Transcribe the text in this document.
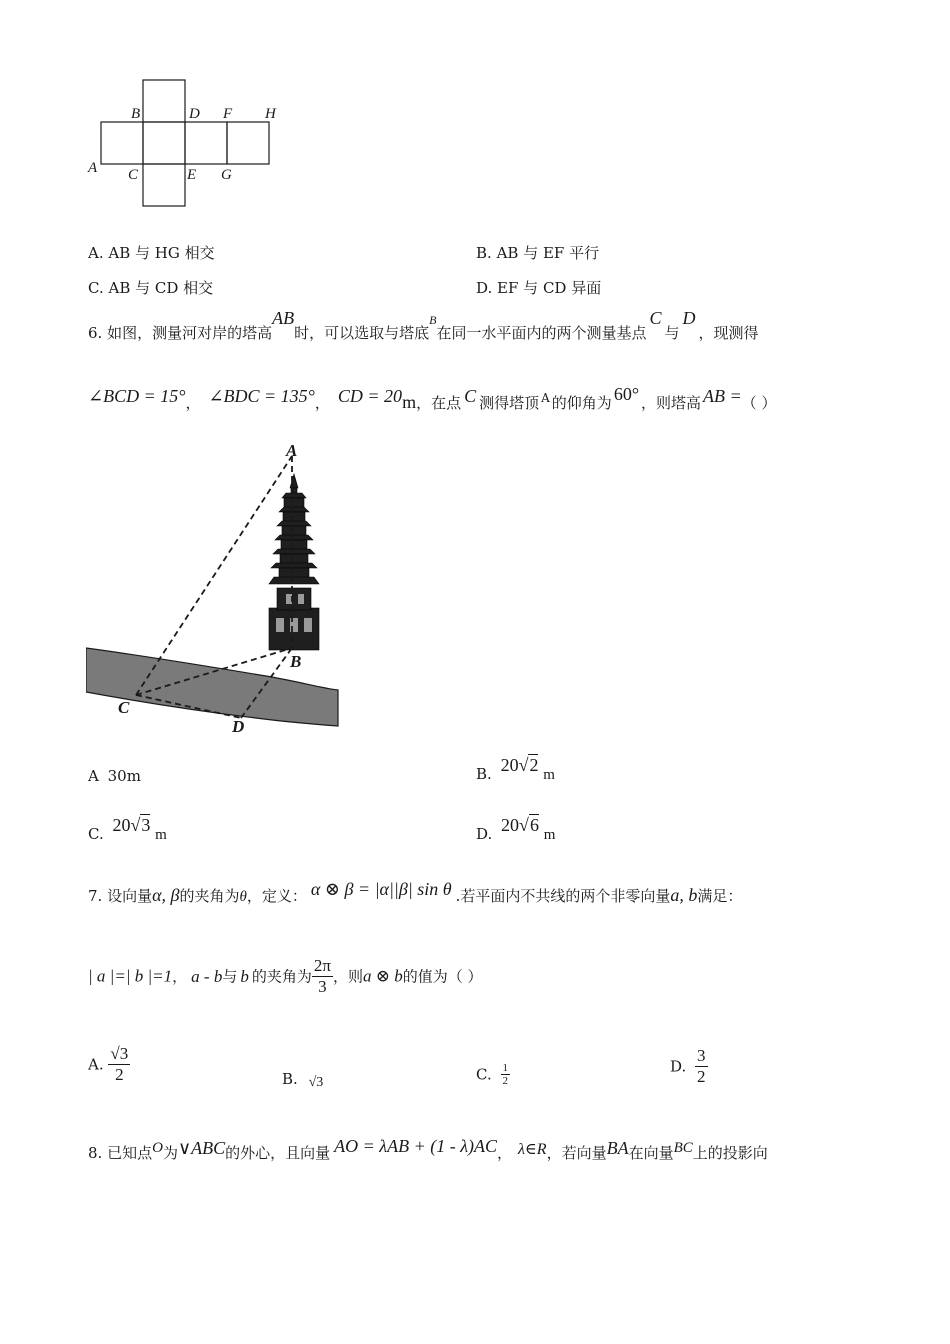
A
B
C
D
E
F
G
H
A. AB 与 HG 相交	B. AB 与 EF 平行
C. AB 与 CD 相交	D. EF 与 CD 异面
6. 如图，测量河对岸的塔高AB时，可以选取与塔底$^B$在同一水平面内的两个测量基点C与D，现测得
∠BCD = 15°， ∠BDC = 135°， CD = 20m，在点 C 测得塔顶 $^A$ 的仰角为 60° ，则塔高 AB =（ ）
A
B
C
D
A 30m	B. 20√2 m
C. 20√3 m	D. 20√6 m
7. 设向量α, β的夹角为θ，定义： α ⊗ β = |α||β| sin θ .若平面内不共线的两个非零向量a, b满足：
| a |=| b |=1， a - b与 b 的夹角为 $\frac{2\pi}{3}$ ，则a ⊗ b的值为（ ）
A. $\frac{√3}{2}$	B. √3	C. $\frac{1}{2}$	D. $\frac{3}{2}$
8. 已知点O为∨ABC的外心，且向量 AO = λAB + (1 - λ)AC， λ∈R，若向量BA在向量BC上的投影向
